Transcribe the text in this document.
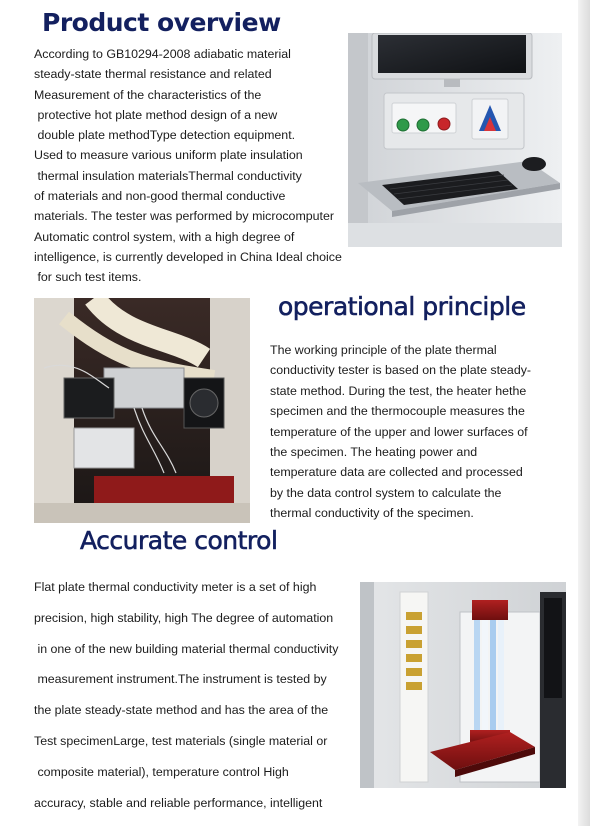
Product overview
According to GB10294-2008 adiabatic material
steady-state thermal resistance and related
Measurement of the characteristics of the
protective hot plate method design of a new
double plate methodType detection equipment.
Used to measure various uniform plate insulation
thermal insulation materialsThermal conductivity
of materials and non-good thermal conductive
materials. The tester was performed by microcomputer
Automatic control system, with a high degree of
intelligence, is currently developed in China Ideal choice
for such test items.
operational principle
The working principle of the plate thermal
conductivity tester is based on the plate steady-
state method. During the test, the heater hethe
specimen and the thermocouple measures the
temperature of the upper and lower surfaces of
the specimen. The heating power and
temperature data are collected and processed
by the data control system to calculate the
thermal conductivity of the specimen.
Accurate control
Flat plate thermal conductivity meter is a set of high
precision, high stability, high The degree of automation
in one of the new building material thermal conductivity
measurement instrument.The instrument is tested by
the plate steady-state method and has the area of the
Test specimenLarge, test materials (single material or
composite material), temperature control High
accuracy, stable and reliable performance, intelligent
